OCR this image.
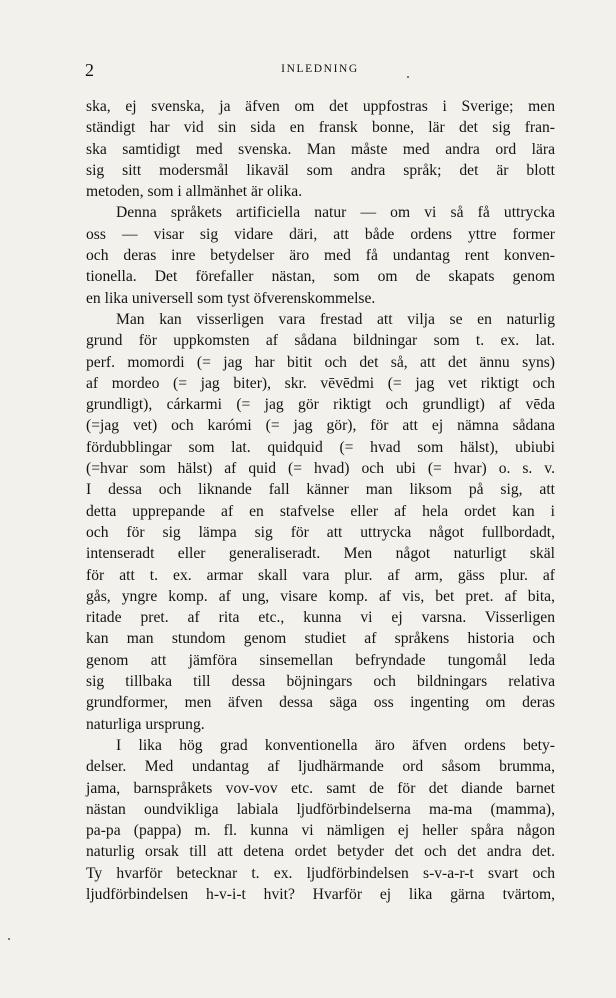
2	INLEDNING

ska, ej svenska, ja äfven om det uppfostras i Sverige; men
ständigt har vid sin sida en fransk bonne, lär det sig fran-
ska samtidigt med svenska. Man måste med andra ord lära
sig sitt modersmål likaväl som andra språk; det är blott
metoden, som i allmänhet är olika.

Denna språkets artificiella natur — om vi så få uttrycka
oss — visar sig vidare däri, att både ordens yttre former
och deras inre betydelser äro med få undantag rent konven-
tionella. Det förefaller nästan, som om de skapats genom
en lika universell som tyst öfverenskommelse.

Man kan visserligen vara frestad att vilja se en naturlig
grund för uppkomsten af sådana bildningar som t. ex. lat.
perf. momordi (= jag har bitit och det så, att det ännu syns)
af mordeo (= jag biter), skr. vēvēdmi (= jag vet riktigt och
grundligt), cárkarmi (= jag gör riktigt och grundligt) af vēda
(=jag vet) och karómi (= jag gör), för att ej nämna sådana
fördubblingar som lat. quidquid (= hvad som hälst), ubiubi
(=hvar som hälst) af quid (= hvad) och ubi (= hvar) o. s. v.
I dessa och liknande fall känner man liksom på sig, att
detta upprepande af en stafvelse eller af hela ordet kan i
och för sig lämpa sig för att uttrycka något fullbordadt,
intenseradt eller generaliseradt. Men något naturligt skäl
för att t. ex. armar skall vara plur. af arm, gäss plur. af
gås, yngre komp. af ung, visare komp. af vis, bet pret. af bita,
ritade pret. af rita etc., kunna vi ej varsna. Visserligen
kan man stundom genom studiet af språkens historia och
genom att jämföra sinsemellan befryndade tungomål leda
sig tillbaka till dessa böjningars och bildningars relativa
grundformer, men äfven dessa säga oss ingenting om deras
naturliga ursprung.

I lika hög grad konventionella äro äfven ordens bety-
delser. Med undantag af ljudhärmande ord såsom brumma,
jama, barnspråkets vov-vov etc. samt de för det diande barnet
nästan oundvikliga labiala ljudförbindelserna ma-ma (mamma),
pa-pa (pappa) m. fl. kunna vi nämligen ej heller spåra någon
naturlig orsak till att detena ordet betyder det och det andra det.
Ty hvarför betecknar t. ex. ljudförbindelsen s-v-a-r-t svart och
ljudförbindelsen h-v-i-t hvit? Hvarför ej lika gärna tvärtom,
